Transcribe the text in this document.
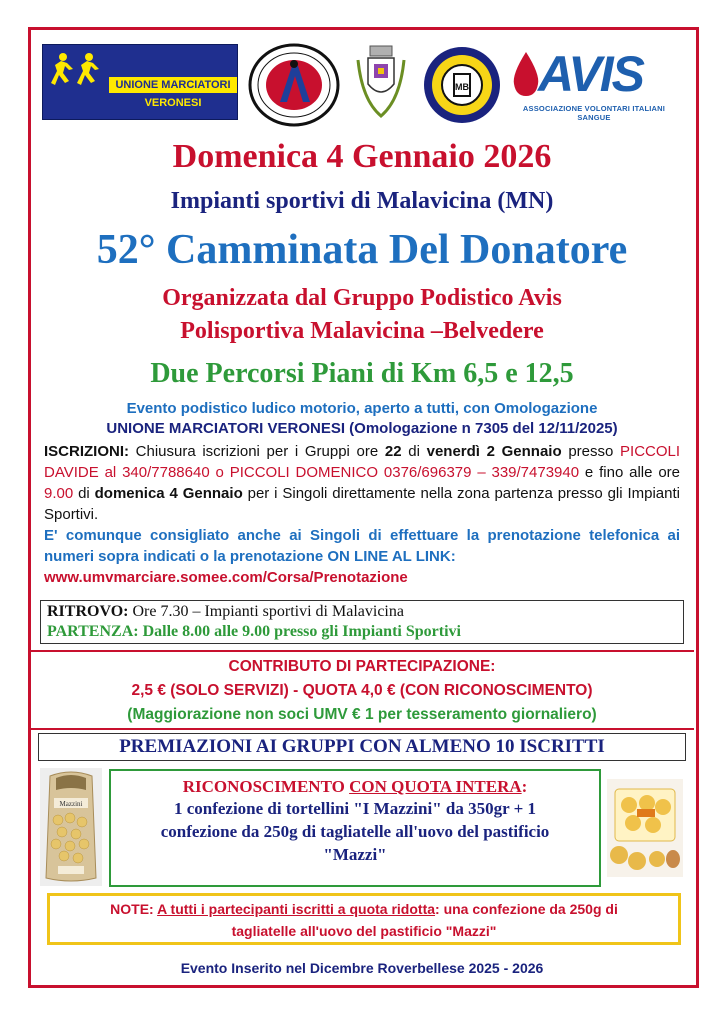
UNIONE MARCIATORI
VERONESI
MB AVIS
ASSOCIAZIONE VOLONTARI ITALIANI SANGUE
Domenica 4 Gennaio 2026
Impianti sportivi di Malavicina (MN)
52° Camminata Del Donatore
Organizzata dal Gruppo Podistico Avis
Polisportiva Malavicina –Belvedere
Due Percorsi Piani di Km 6,5 e 12,5
Evento podistico ludico motorio, aperto a tutti, con Omologazione
UNIONE MARCIATORI VERONESI (Omologazione n 7305 del 12/11/2025)
ISCRIZIONI: Chiusura iscrizioni per i Gruppi ore 22 di venerdì 2 Gennaio presso PICCOLI DAVIDE al 340/7788640 o PICCOLI DOMENICO 0376/696379 – 339/7473940 e fino alle ore 9.00 di domenica 4 Gennaio per i Singoli direttamente nella zona partenza presso gli Impianti Sportivi.
E' comunque consigliato anche ai Singoli di effettuare la prenotazione telefonica ai numeri sopra indicati o la prenotazione ON LINE AL LINK:
www.umvmarciare.somee.com/Corsa/Prenotazione
RITROVO: Ore 7.30 – Impianti sportivi di Malavicina
PARTENZA: Dalle 8.00 alle 9.00 presso gli Impianti Sportivi
CONTRIBUTO DI PARTECIPAZIONE:
2,5 € (SOLO SERVIZI) - QUOTA 4,0 € (CON RICONOSCIMENTO)
(Maggiorazione non soci UMV € 1 per tesseramento giornaliero)
PREMIAZIONI AI GRUPPI CON ALMENO 10 ISCRITTI
Mazzini
RICONOSCIMENTO CON QUOTA INTERA:
1 confezione di tortellini "I Mazzini" da 350gr + 1
confezione da 250g di tagliatelle all'uovo del pastificio
"Mazzi"
NOTE: A tutti i partecipanti iscritti a quota ridotta: una confezione da 250g di
tagliatelle all'uovo del pastificio "Mazzi"
Evento Inserito nel Dicembre Roverbellese 2025 - 2026
